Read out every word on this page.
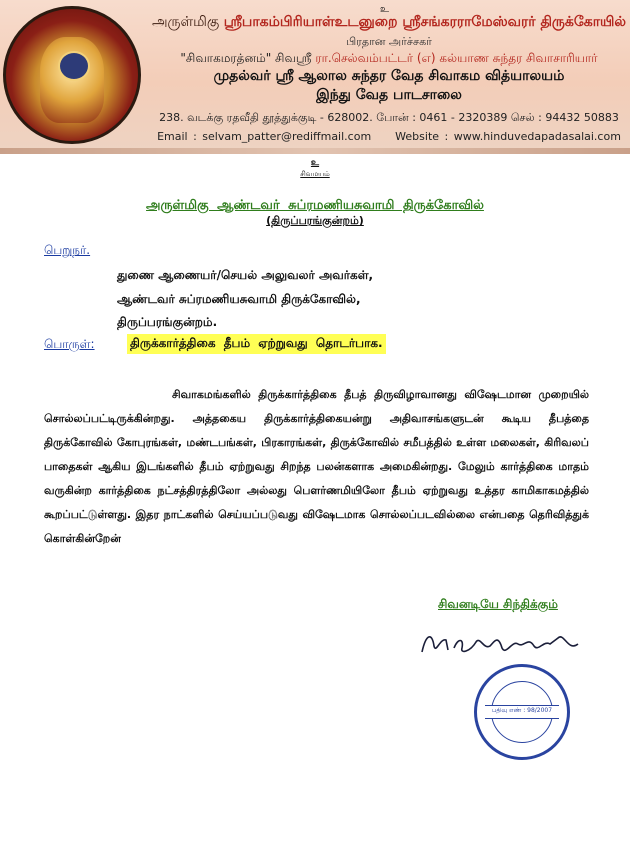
உ
அருள்மிகு ஸ்ரீபாகம்பிரியாள்உடனுறை ஸ்ரீசங்கரராமேஸ்வரர் திருக்கோயில்
பிரதான அர்ச்சகர்
"சிவாகமரத்னம்" சிவஸ்ரீ ரா.செல்வம்பட்டர் (எ) கல்யாண சுந்தர சிவாசாரியார்
முதல்வர் ஸ்ரீ ஆலால சுந்தர வேத சிவாகம வித்யாலயம்
இந்து வேத பாடசாலை
238. வடக்கு ரதவீதி தூத்துக்குடி - 628002. போன் : 0461 - 2320389 செல் : 94432 50883
Email : selvam_patter@rediffmail.com Website : www.hinduvedapadasalai.com
உ
சிவமயம்
அருள்மிகு ஆண்டவர் சுப்ரமணியசுவாமி திருக்கோவில்
(திருப்பரங்குன்றம்)
பெறுநர்.
துணை ஆணையர்/செயல் அலுவலர் அவர்கள்,
ஆண்டவர் சுப்ரமணியசுவாமி திருக்கோவில்,
திருப்பரங்குன்றம்.
பொருள்:	திருக்கார்த்திகை தீபம் ஏற்றுவது தொடர்பாக.
சிவாகமங்களில் திருக்கார்த்திகை தீபத் திருவிழாவானது விஷேடமான முறையில் சொல்லப்பட்டிருக்கின்றது. அத்தகைய திருக்கார்த்திகையன்று அதிவாசங்களுடன் கூடிய தீபத்தை திருக்கோவில் கோபுரங்கள், மண்டபங்கள், பிரகாரங்கள், திருக்கோவில் சமீபத்தில் உள்ள மலைகள், கிரிவலப் பாதைகள் ஆகிய இடங்களில் தீபம் ஏற்றுவது சிறந்த பலன்களாக அமைகின்றது. மேலும் கார்த்திகை மாதம் வருகின்ற கார்த்திகை நட்சத்திரத்திலோ அல்லது பௌர்ணமியிலோ தீபம் ஏற்றுவது உத்தர காமிகாகமத்தில் கூறப்பட்டுள்ளது. இதர நாட்களில் செய்யப்படுவது விஷேடமாக சொல்லப்படவில்லை என்பதை தெரிவித்துக் கொள்கின்றேன்
சிவனடியே சிந்திக்கும்
பதிவு எண் : 98/2007
